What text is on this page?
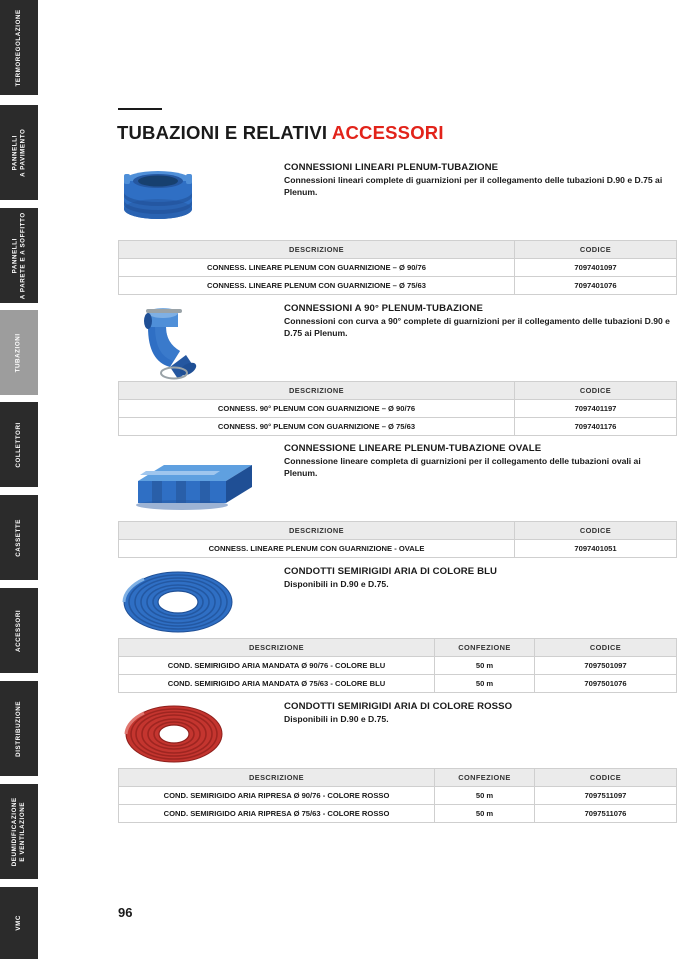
TERMOREGOLAZIONE
PANNELLI
A PAVIMENTO
PANNELLI
A PARETE E A SOFFITTO
TUBAZIONI
COLLETTORI
CASSETTE
ACCESSORI
DISTRIBUZIONE
DEUMIDIFICAZIONE
E VENTILAZIONE
VMC
TUBAZIONI E RELATIVI ACCESSORI
CONNESSIONI LINEARI PLENUM-TUBAZIONE
Connessioni lineari complete di guarnizioni per il collegamento delle tubazioni D.90 e D.75 ai Plenum.
DESCRIZIONE	CODICE
CONNESS. LINEARE PLENUM CON GUARNIZIONE – Ø 90/76	7097401097
CONNESS. LINEARE PLENUM CON GUARNIZIONE – Ø 75/63	7097401076
CONNESSIONI A 90° PLENUM-TUBAZIONE
Connessioni con curva a 90° complete di guarnizioni per il collegamento delle tubazioni D.90 e D.75 ai Plenum.
DESCRIZIONE	CODICE
CONNESS. 90° PLENUM CON GUARNIZIONE – Ø 90/76	7097401197
CONNESS. 90° PLENUM CON GUARNIZIONE – Ø 75/63	7097401176
CONNESSIONE LINEARE PLENUM-TUBAZIONE OVALE
Connessione lineare completa di guarnizioni per il collegamento delle tubazioni ovali ai Plenum.
DESCRIZIONE	CODICE
CONNESS. LINEARE PLENUM CON GUARNIZIONE - OVALE	7097401051
CONDOTTI SEMIRIGIDI ARIA DI COLORE BLU
Disponibili in D.90 e D.75.
DESCRIZIONE	CONFEZIONE	CODICE
COND. SEMIRIGIDO ARIA MANDATA Ø 90/76 - COLORE BLU	50 m	7097501097
COND. SEMIRIGIDO ARIA MANDATA Ø 75/63 - COLORE BLU	50 m	7097501076
CONDOTTI SEMIRIGIDI ARIA DI COLORE ROSSO
Disponibili in D.90 e D.75.
DESCRIZIONE	CONFEZIONE	CODICE
COND. SEMIRIGIDO ARIA RIPRESA Ø 90/76 - COLORE ROSSO	50 m	7097511097
COND. SEMIRIGIDO ARIA RIPRESA Ø 75/63 - COLORE ROSSO	50 m	7097511076
96
